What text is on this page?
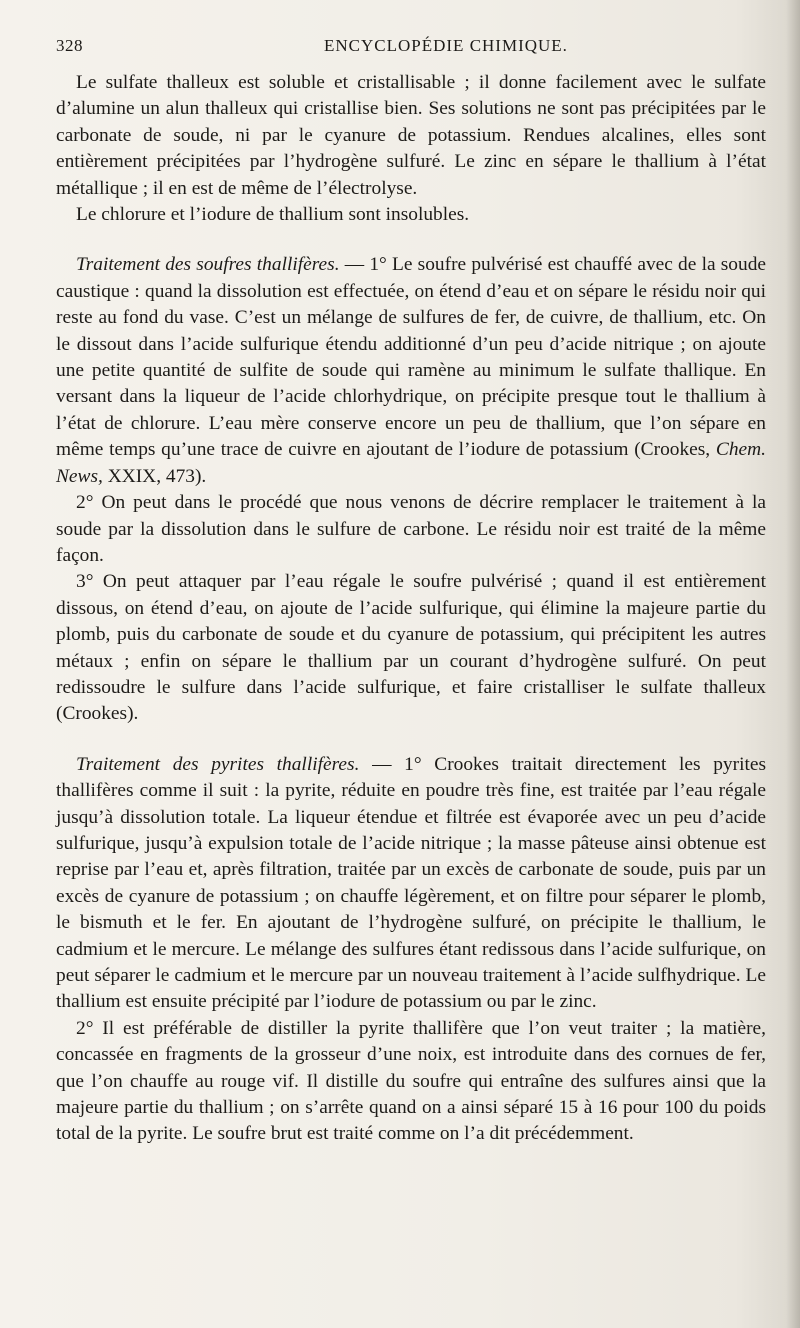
328	ENCYCLOPÉDIE CHIMIQUE.

Le sulfate thalleux est soluble et cristallisable ; il donne facilement avec le sulfate d’alumine un alun thalleux qui cristallise bien. Ses solutions ne sont pas précipitées par le carbonate de soude, ni par le cyanure de potassium. Rendues alcalines, elles sont entièrement précipitées par l’hydrogène sulfuré. Le zinc en sépare le thallium à l’état métallique ; il en est de même de l’électrolyse.

Le chlorure et l’iodure de thallium sont insolubles.

Traitement des soufres thallifères. — 1° Le soufre pulvérisé est chauffé avec de la soude caustique : quand la dissolution est effectuée, on étend d’eau et on sépare le résidu noir qui reste au fond du vase. C’est un mélange de sulfures de fer, de cuivre, de thallium, etc. On le dissout dans l’acide sulfurique étendu additionné d’un peu d’acide nitrique ; on ajoute une petite quantité de sulfite de soude qui ramène au minimum le sulfate thallique. En versant dans la liqueur de l’acide chlorhydrique, on précipite presque tout le thallium à l’état de chlorure. L’eau mère conserve encore un peu de thallium, que l’on sépare en même temps qu’une trace de cuivre en ajoutant de l’iodure de potassium (Crookes, Chem. News, XXIX, 473).

2° On peut dans le procédé que nous venons de décrire remplacer le traitement à la soude par la dissolution dans le sulfure de carbone. Le résidu noir est traité de la même façon.

3° On peut attaquer par l’eau régale le soufre pulvérisé ; quand il est entièrement dissous, on étend d’eau, on ajoute de l’acide sulfurique, qui élimine la majeure partie du plomb, puis du carbonate de soude et du cyanure de potassium, qui précipitent les autres métaux ; enfin on sépare le thallium par un courant d’hydrogène sulfuré. On peut redissoudre le sulfure dans l’acide sulfurique, et faire cristalliser le sulfate thalleux (Crookes).

Traitement des pyrites thallifères. — 1° Crookes traitait directement les pyrites thallifères comme il suit : la pyrite, réduite en poudre très fine, est traitée par l’eau régale jusqu’à dissolution totale. La liqueur étendue et filtrée est évaporée avec un peu d’acide sulfurique, jusqu’à expulsion totale de l’acide nitrique ; la masse pâteuse ainsi obtenue est reprise par l’eau et, après filtration, traitée par un excès de carbonate de soude, puis par un excès de cyanure de potassium ; on chauffe légèrement, et on filtre pour séparer le plomb, le bismuth et le fer. En ajoutant de l’hydrogène sulfuré, on précipite le thallium, le cadmium et le mercure. Le mélange des sulfures étant redissous dans l’acide sulfurique, on peut séparer le cadmium et le mercure par un nouveau traitement à l’acide sulfhydrique. Le thallium est ensuite précipité par l’iodure de potassium ou par le zinc.

2° Il est préférable de distiller la pyrite thallifère que l’on veut traiter ; la matière, concassée en fragments de la grosseur d’une noix, est introduite dans des cornues de fer, que l’on chauffe au rouge vif. Il distille du soufre qui entraîne des sulfures ainsi que la majeure partie du thallium ; on s’arrête quand on a ainsi séparé 15 à 16 pour 100 du poids total de la pyrite. Le soufre brut est traité comme on l’a dit précédemment.
